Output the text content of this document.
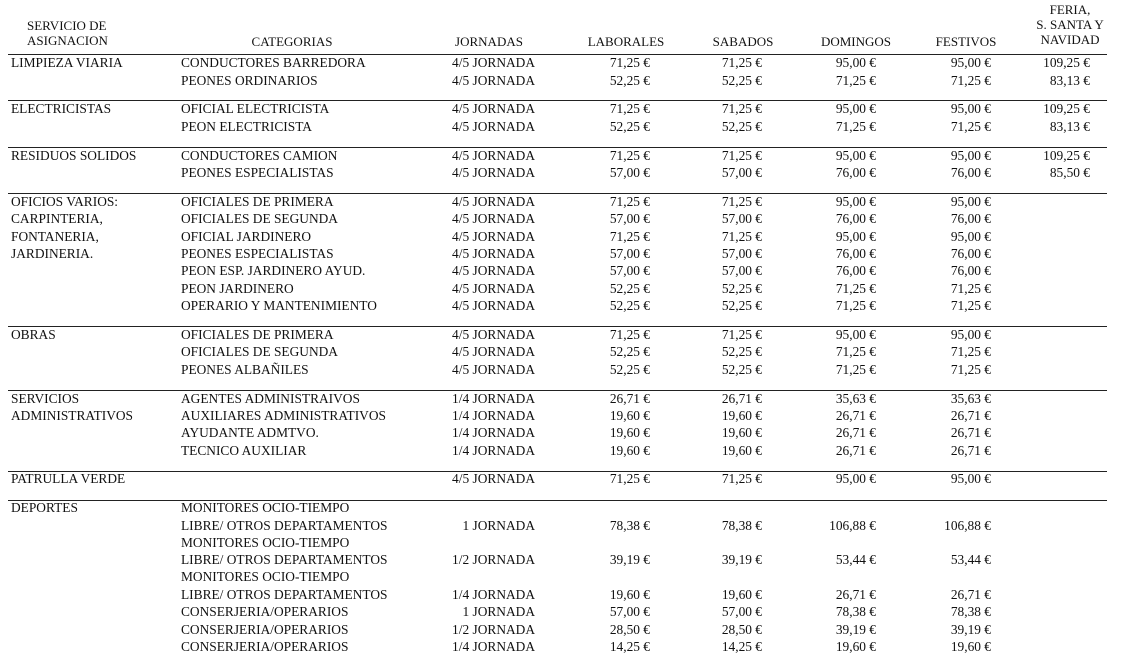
SERVICIO DE
ASIGNACION	CATEGORIAS	JORNADAS	LABORALES	SABADOS	DOMINGOS	FESTIVOS
FERIA,
S. SANTA Y
NAVIDAD
LIMPIEZA VIARIA	CONDUCTORES BARREDORA	4/5 JORNADA	71,25 €	71,25 €	95,00 €	95,00 €	109,25 €
PEONES ORDINARIOS	4/5 JORNADA	52,25 €	52,25 €	71,25 €	71,25 €	83,13 €
ELECTRICISTAS	OFICIAL ELECTRICISTA	4/5 JORNADA	71,25 €	71,25 €	95,00 €	95,00 €	109,25 €
PEON ELECTRICISTA	4/5 JORNADA	52,25 €	52,25 €	71,25 €	71,25 €	83,13 €
RESIDUOS SOLIDOS	CONDUCTORES CAMION	4/5 JORNADA	71,25 €	71,25 €	95,00 €	95,00 €	109,25 €
PEONES ESPECIALISTAS	4/5 JORNADA	57,00 €	57,00 €	76,00 €	76,00 €	85,50 €
OFICIOS VARIOS:	OFICIALES DE PRIMERA	4/5 JORNADA	71,25 €	71,25 €	95,00 €	95,00 €
CARPINTERIA,	OFICIALES DE SEGUNDA	4/5 JORNADA	57,00 €	57,00 €	76,00 €	76,00 €
FONTANERIA,	OFICIAL JARDINERO	4/5 JORNADA	71,25 €	71,25 €	95,00 €	95,00 €
JARDINERIA.	PEONES ESPECIALISTAS	4/5 JORNADA	57,00 €	57,00 €	76,00 €	76,00 €
PEON ESP. JARDINERO AYUD.	4/5 JORNADA	57,00 €	57,00 €	76,00 €	76,00 €
PEON JARDINERO	4/5 JORNADA	52,25 €	52,25 €	71,25 €	71,25 €
OPERARIO Y MANTENIMIENTO	4/5 JORNADA	52,25 €	52,25 €	71,25 €	71,25 €
OBRAS	OFICIALES DE PRIMERA	4/5 JORNADA	71,25 €	71,25 €	95,00 €	95,00 €
OFICIALES DE SEGUNDA	4/5 JORNADA	52,25 €	52,25 €	71,25 €	71,25 €
PEONES ALBAÑILES	4/5 JORNADA	52,25 €	52,25 €	71,25 €	71,25 €
SERVICIOS	AGENTES ADMINISTRAIVOS	1/4 JORNADA	26,71 €	26,71 €	35,63 €	35,63 €
ADMINISTRATIVOS	AUXILIARES ADMINISTRATIVOS	1/4 JORNADA	19,60 €	19,60 €	26,71 €	26,71 €
AYUDANTE ADMTVO.	1/4 JORNADA	19,60 €	19,60 €	26,71 €	26,71 €
TECNICO AUXILIAR	1/4 JORNADA	19,60 €	19,60 €	26,71 €	26,71 €
PATRULLA VERDE	4/5 JORNADA	71,25 €	71,25 €	95,00 €	95,00 €
DEPORTES	MONITORES OCIO-TIEMPO
LIBRE/ OTROS DEPARTAMENTOS	1 JORNADA	78,38 €	78,38 €	106,88 €	106,88 €
MONITORES OCIO-TIEMPO
LIBRE/ OTROS DEPARTAMENTOS	1/2 JORNADA	39,19 €	39,19 €	53,44 €	53,44 €
MONITORES OCIO-TIEMPO
LIBRE/ OTROS DEPARTAMENTOS	1/4 JORNADA	19,60 €	19,60 €	26,71 €	26,71 €
CONSERJERIA/OPERARIOS	1 JORNADA	57,00 €	57,00 €	78,38 €	78,38 €
CONSERJERIA/OPERARIOS	1/2 JORNADA	28,50 €	28,50 €	39,19 €	39,19 €
CONSERJERIA/OPERARIOS	1/4 JORNADA	14,25 €	14,25 €	19,60 €	19,60 €
